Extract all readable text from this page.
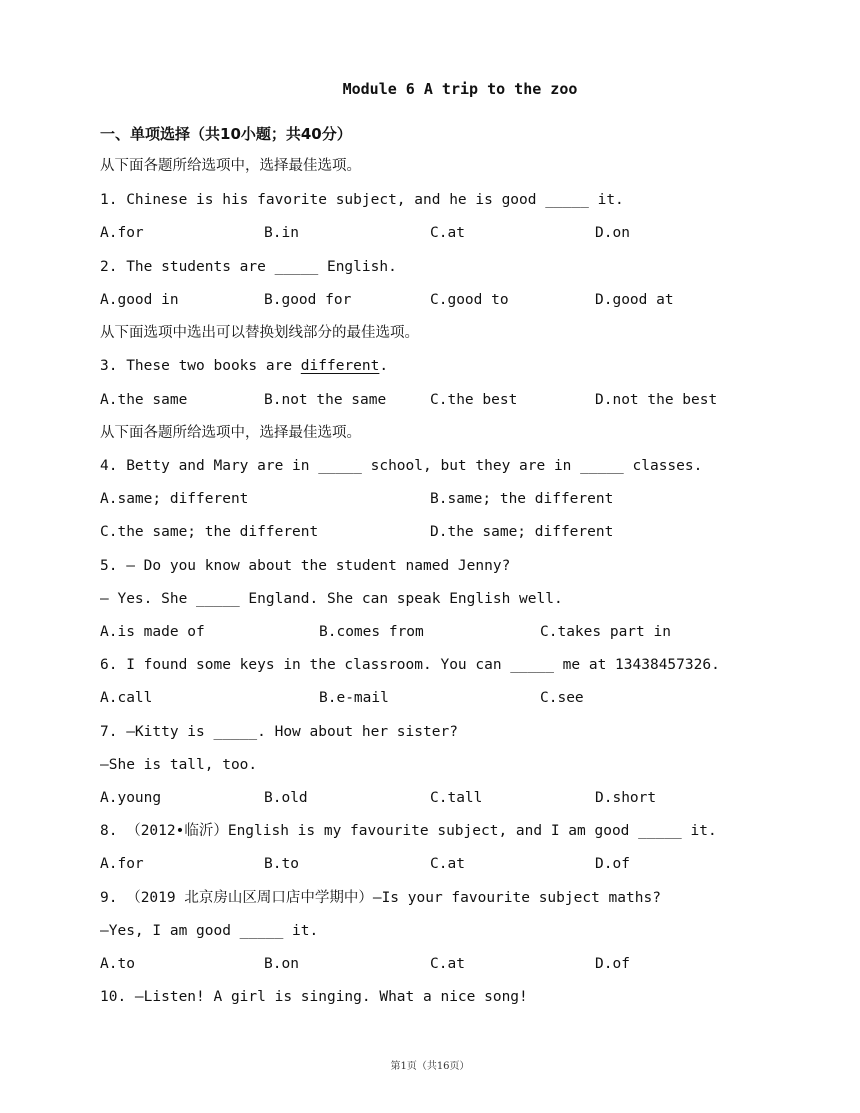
Module 6 A trip to the zoo
一、单项选择（共10小题；共40分）
从下面各题所给选项中，选择最佳选项。
1. Chinese is his favorite subject, and he is good _____ it.
A.for	B.in	C.at	D.on
2. The students are _____ English.
A.good in	B.good for	C.good to	D.good at
从下面选项中选出可以替换划线部分的最佳选项。
3. These two books are different.
A.the same	B.not the same	C.the best	D.not the best
从下面各题所给选项中，选择最佳选项。
4. Betty and Mary are in _____ school, but they are in _____ classes.
A.same; different	B.same; the different
C.the same; the different	D.the same; different
5. — Do you know about the student named Jenny?
— Yes. She _____ England. She can speak English well.
A.is made of	B.comes from	C.takes part in
6. I found some keys in the classroom. You can _____ me at 13438457326.
A.call	B.e-mail	C.see
7. —Kitty is _____. How about her sister?
—She is tall, too.
A.young	B.old	C.tall	D.short
8. （2012•临沂）English is my favourite subject, and I am good _____ it.
A.for	B.to	C.at	D.of
9. （2019 北京房山区周口店中学期中）—Is your favourite subject maths?
—Yes, I am good _____ it.
A.to	B.on	C.at	D.of
10. —Listen! A girl is singing. What a nice song!
第1页（共16页）
